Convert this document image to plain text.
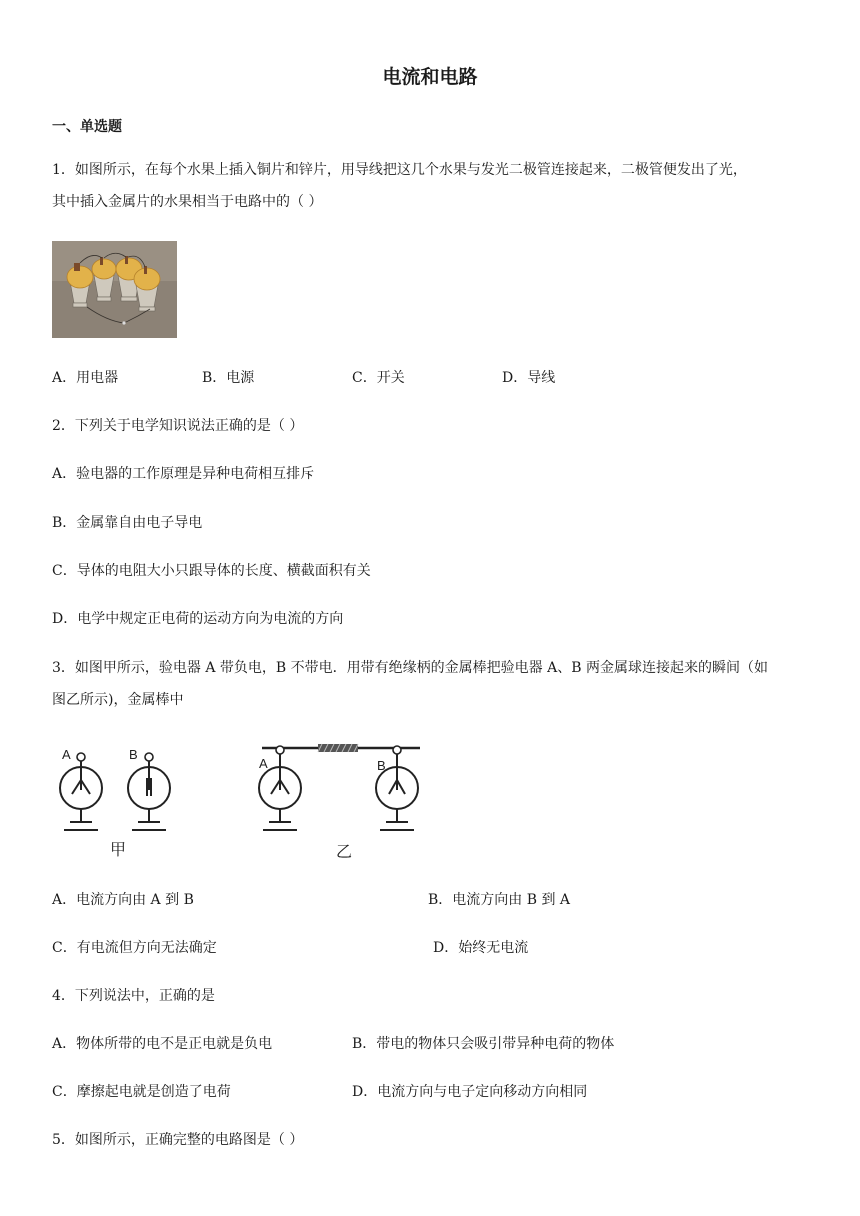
电流和电路
一、单选题
1．如图所示，在每个水果上插入铜片和锌片，用导线把这几个水果与发光二极管连接起来，二极管便发出了光，
其中插入金属片的水果相当于电路中的（ ）
A．用电器	B．电源	C．开关	D．导线
2．下列关于电学知识说法正确的是（ ）
A．验电器的工作原理是异种电荷相互排斥
B．金属靠自由电子导电
C．导体的电阻大小只跟导体的长度、横截面积有关
D．电学中规定正电荷的运动方向为电流的方向
3．如图甲所示，验电器 A 带负电，B 不带电．用带有绝缘柄的金属棒把验电器 A、B 两金属球连接起来的瞬间（如
图乙所示)，金属棒中
A	B
A	B
甲	乙
A．电流方向由 A 到 B	B．电流方向由 B 到 A
C．有电流但方向无法确定	D．始终无电流
4．下列说法中，正确的是
A．物体所带的电不是正电就是负电	B．带电的物体只会吸引带异种电荷的物体
C．摩擦起电就是创造了电荷	D．电流方向与电子定向移动方向相同
5．如图所示，正确完整的电路图是（ ）
